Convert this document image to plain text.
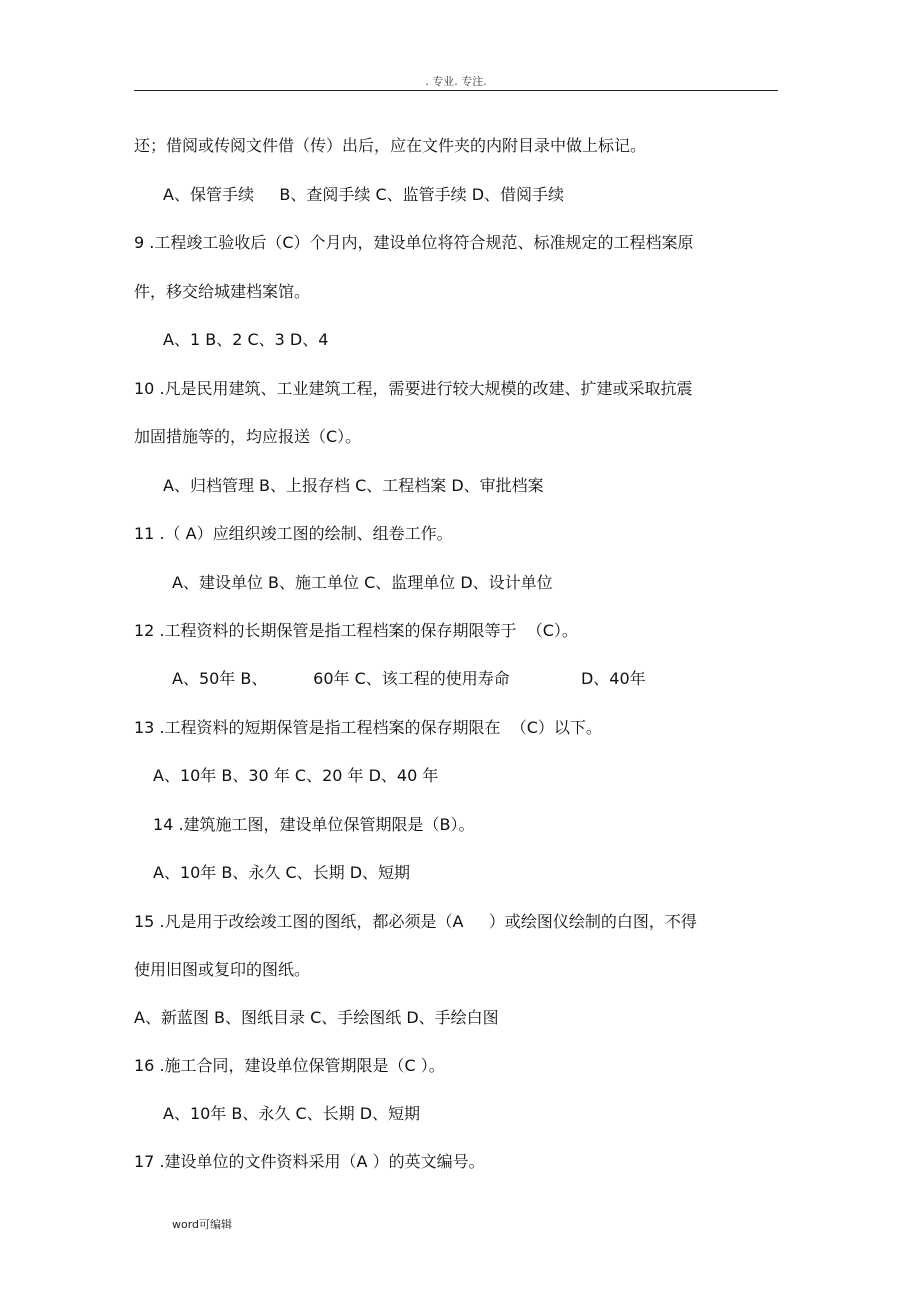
. 专业. 专注.
还；借阅或传阅文件借（传）出后，应在文件夹的内附目录中做上标记。
A、保管手续     B、查阅手续 C、监管手续 D、借阅手续
9 .工程竣工验收后（C）个月内，建设单位将符合规范、标准规定的工程档案原
件，移交给城建档案馆。
A、1 B、2 C、3 D、4
10 .凡是民用建筑、工业建筑工程，需要进行较大规模的改建、扩建或采取抗震
加固措施等的，均应报送（C）。
A、归档管理 B、上报存档 C、工程档案 D、审批档案
11 .（ A）应组织竣工图的绘制、组卷工作。
A、建设单位 B、施工单位 C、监理单位 D、设计单位
12 .工程资料的长期保管是指工程档案的保存期限等于  （C）。
A、50年 B、         60年 C、该工程的使用寿命              D、40年
13 .工程资料的短期保管是指工程档案的保存期限在  （C）以下。
A、10年 B、30 年 C、20 年 D、40 年
14 .建筑施工图，建设单位保管期限是（B）。
A、10年 B、永久 C、长期 D、短期
15 .凡是用于改绘竣工图的图纸，都必须是（A     ）或绘图仪绘制的白图，不得
使用旧图或复印的图纸。
A、新蓝图 B、图纸目录 C、手绘图纸 D、手绘白图
16 .施工合同，建设单位保管期限是（C ）。
A、10年 B、永久 C、长期 D、短期
17 .建设单位的文件资料采用（A ）的英文编号。
word可编辑
